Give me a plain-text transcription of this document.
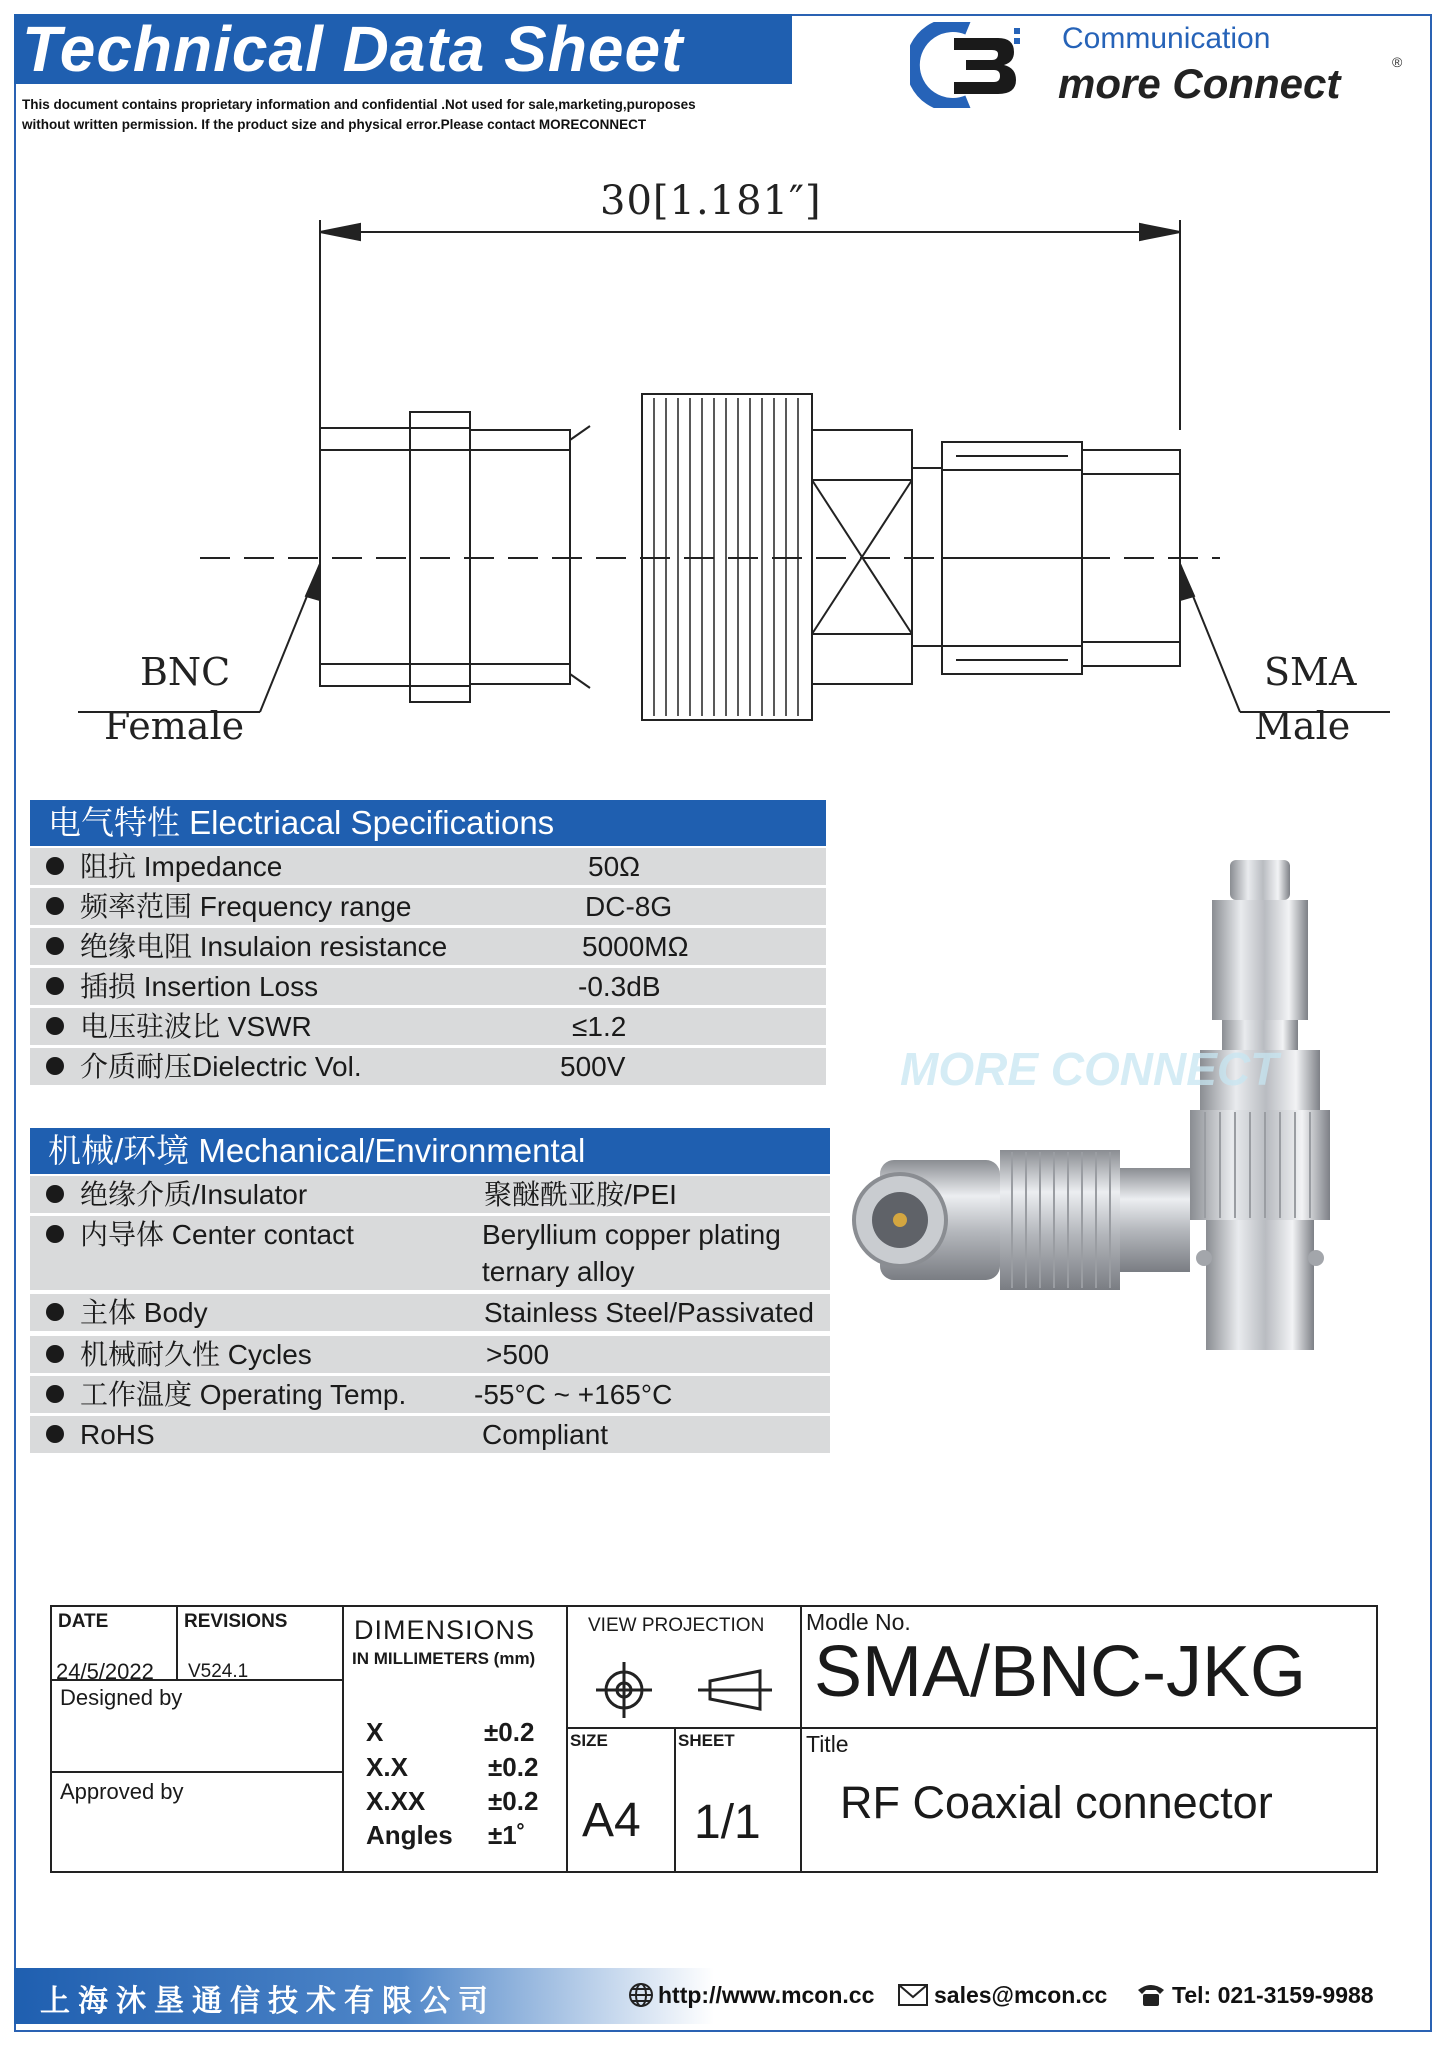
Technical Data Sheet
This document contains proprietary information and confidential .Not used for sale,marketing,puroposes
without written permission. If the product size and physical error.Please contact MORECONNECT
Communication
more Connect	®
30[1.181″]
BNC
Female
SMA
Male
电气特性 Electriacal Specifications
阻抗 Impedance	50Ω
频率范围 Frequency range	DC-8G
绝缘电阻 Insulaion resistance	5000MΩ
插损 Insertion Loss	-0.3dB
电压驻波比 VSWR	≤1.2
介质耐压Dielectric Vol.	500V
机械/环境 Mechanical/Environmental
绝缘介质/Insulator	聚醚酰亚胺/PEI
内导体 Center contact	Beryllium copper plating
ternary alloy
主体 Body	Stainless Steel/Passivated
机械耐久性 Cycles	>500
工作温度 Operating Temp. -55°C ~ +165°C
RoHS	Compliant
MORE CONNECT
DATE
24/5/2022
REVISIONS
V524.1
Designed by
Approved by
DIMENSIONS
IN MILLIMETERS (mm)
X	±0.2
X.X	±0.2
X.XX ±0.2
Angles ±1˚
VIEW PROJECTION
SIZE
A4
SHEET
1/1
Modle No.
SMA/BNC-JKG
Title
RF Coaxial connector
上海沐垦通信技术有限公司	http://www.mcon.cc	sales@mcon.cc	Tel: 021-3159-9988
